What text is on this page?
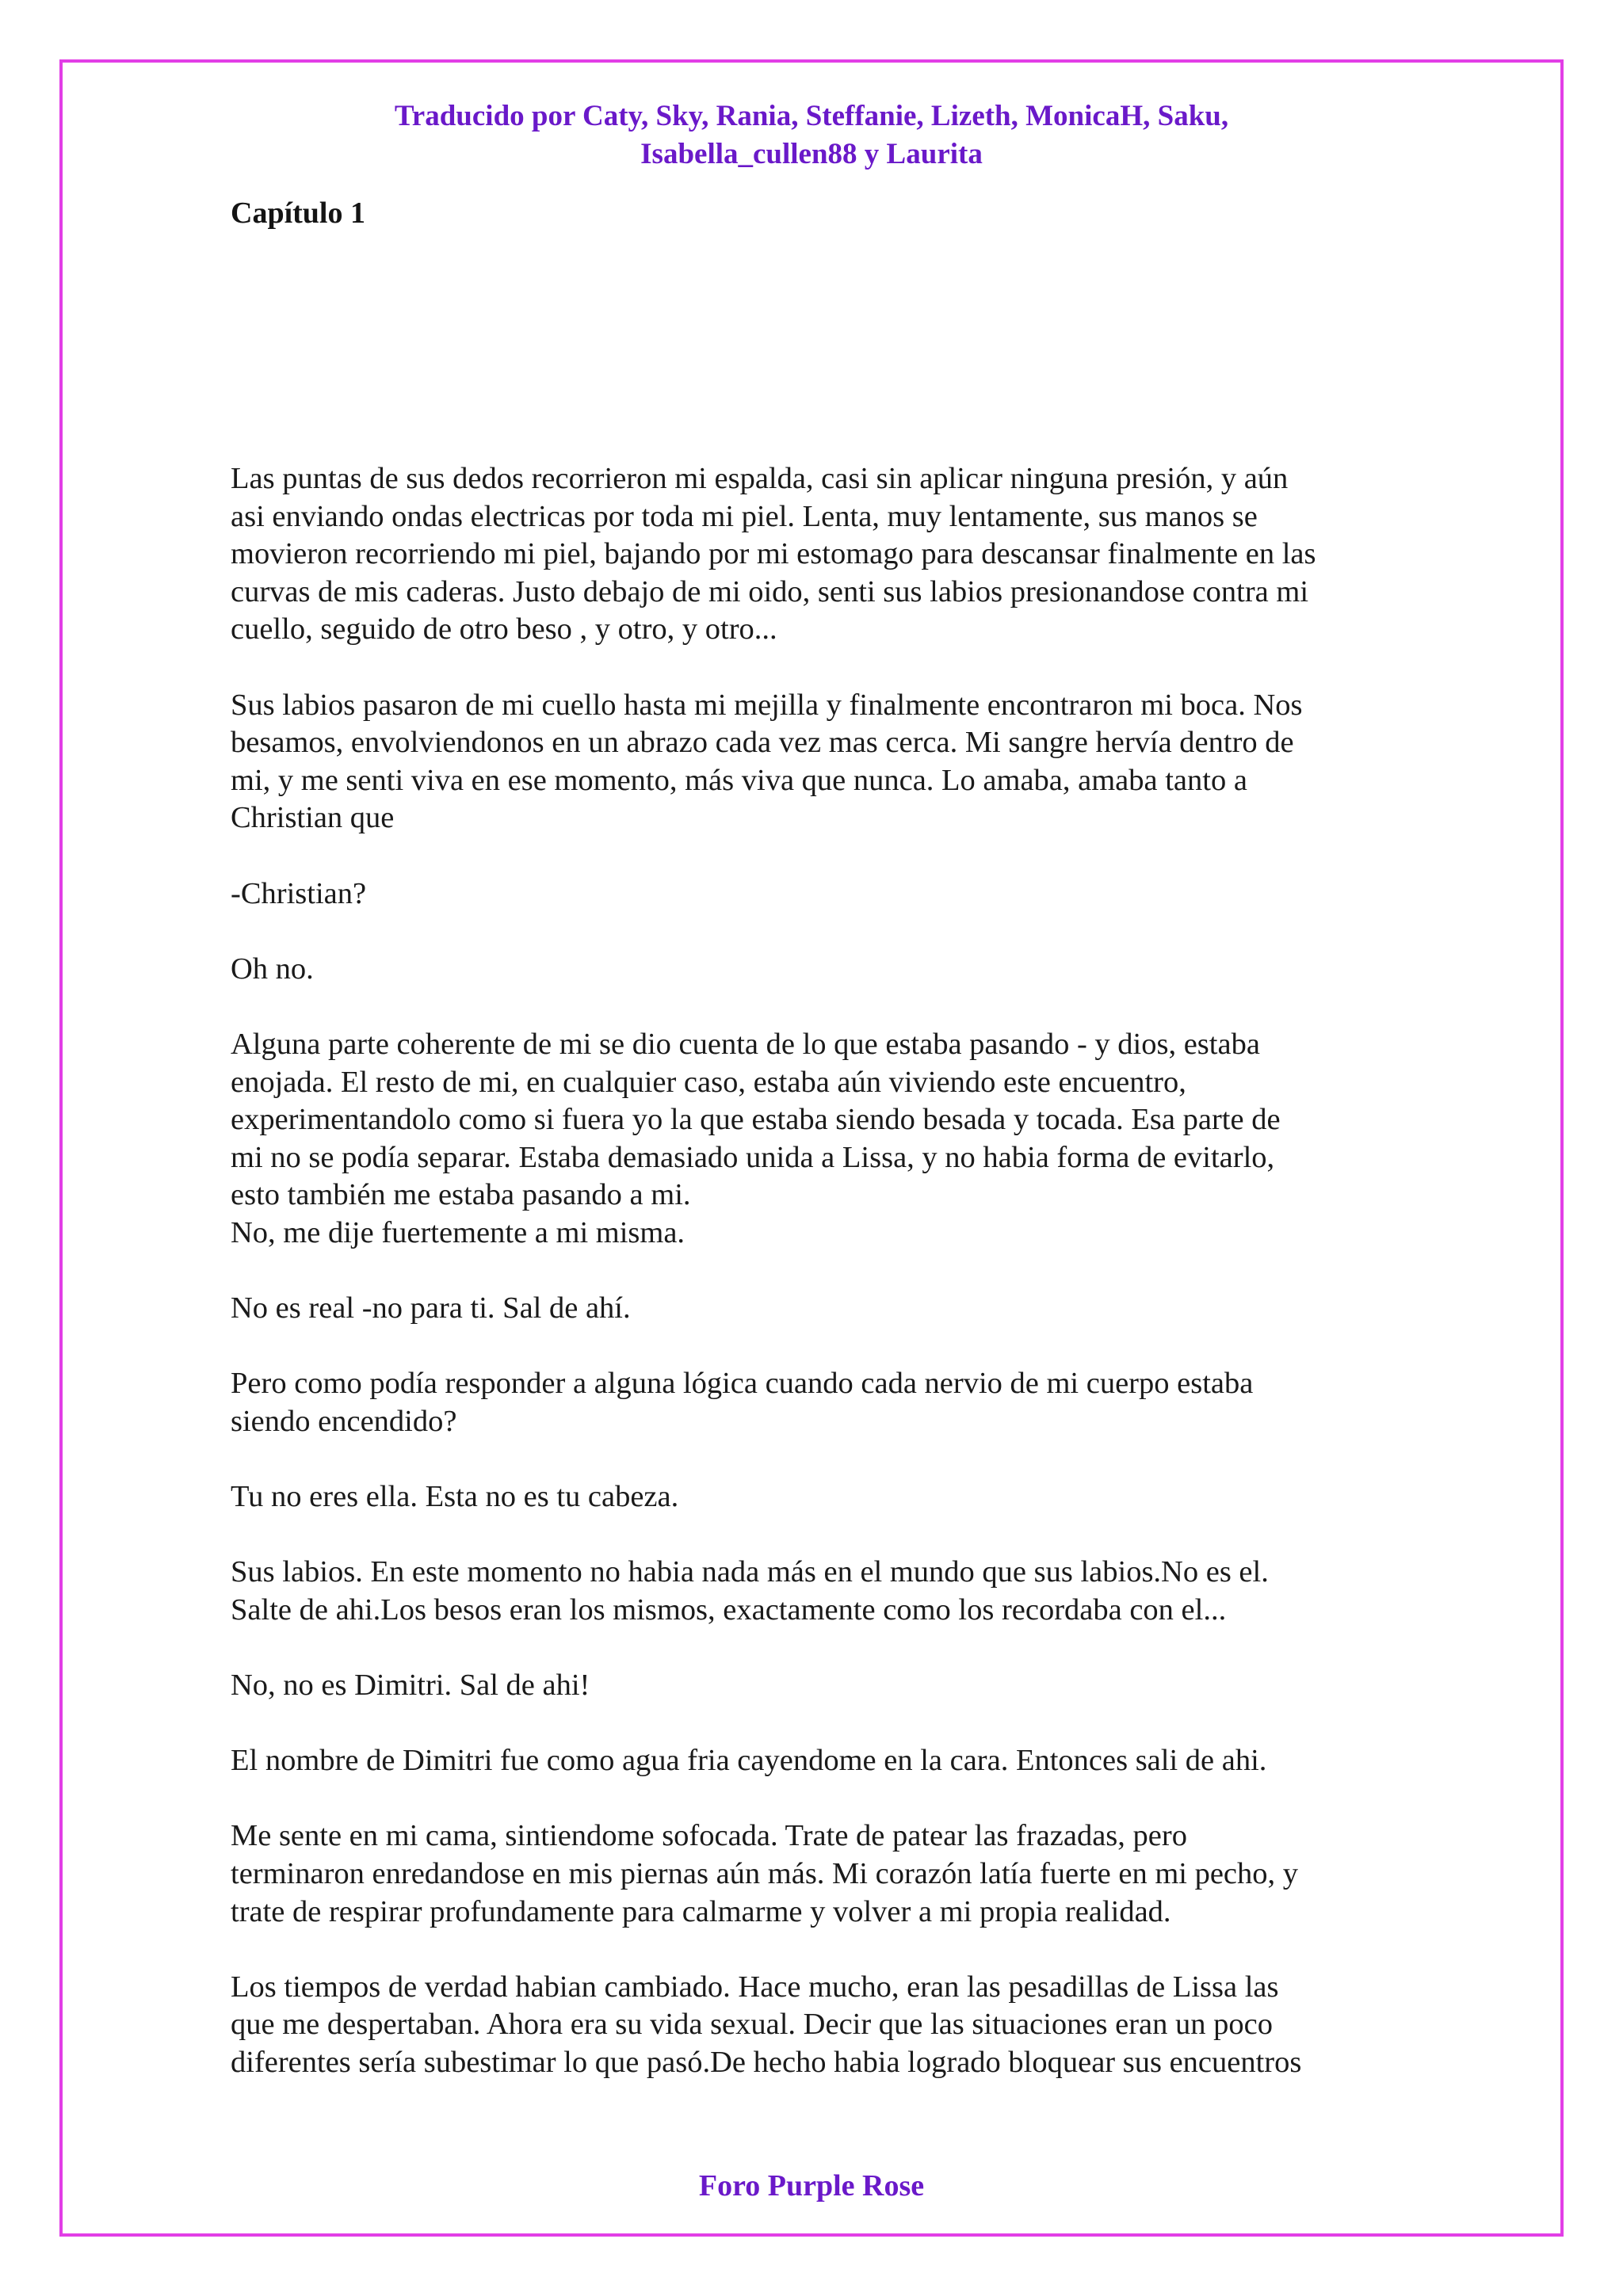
Traducido por Caty, Sky, Rania, Steffanie, Lizeth, MonicaH, Saku,
Isabella_cullen88 y Laurita
Capítulo 1

Las puntas de sus dedos recorrieron mi espalda, casi sin aplicar ninguna presión, y aún
asi enviando ondas electricas por toda mi piel. Lenta, muy lentamente, sus manos se
movieron recorriendo mi piel, bajando por mi estomago para descansar finalmente en las
curvas de mis caderas. Justo debajo de mi oido, senti sus labios presionandose contra mi
cuello, seguido de otro beso , y otro, y otro...

Sus labios pasaron de mi cuello hasta mi mejilla y finalmente encontraron mi boca. Nos
besamos, envolviendonos en un abrazo cada vez mas cerca. Mi sangre hervía dentro de
mi, y me senti viva en ese momento, más viva que nunca. Lo amaba, amaba tanto a
Christian que

-Christian?

Oh no.

Alguna parte coherente de mi se dio cuenta de lo que estaba pasando - y dios, estaba
enojada. El resto de mi, en cualquier caso, estaba aún viviendo este encuentro,
experimentandolo como si fuera yo la que estaba siendo besada y tocada. Esa parte de
mi no se podía separar. Estaba demasiado unida a Lissa, y no habia forma de evitarlo,
esto también me estaba pasando a mi.
No, me dije fuertemente a mi misma.

No es real -no para ti. Sal de ahí.

Pero como podía responder a alguna lógica cuando cada nervio de mi cuerpo estaba
siendo encendido?

Tu no eres ella. Esta no es tu cabeza.

Sus labios. En este momento no habia nada más en el mundo que sus labios.No es el.
Salte de ahi.Los besos eran los mismos, exactamente como los recordaba con el...

No, no es Dimitri. Sal de ahi!

El nombre de Dimitri fue como agua fria cayendome en la cara. Entonces sali de ahi.

Me sente en mi cama, sintiendome sofocada. Trate de patear las frazadas, pero
terminaron enredandose en mis piernas aún más. Mi corazón latía fuerte en mi pecho, y
trate de respirar profundamente para calmarme y volver a mi propia realidad.

Los tiempos de verdad habian cambiado. Hace mucho, eran las pesadillas de Lissa las
que me despertaban. Ahora era su vida sexual. Decir que las situaciones eran un poco
diferentes sería subestimar lo que pasó.De hecho habia logrado bloquear sus encuentros

Foro Purple Rose
